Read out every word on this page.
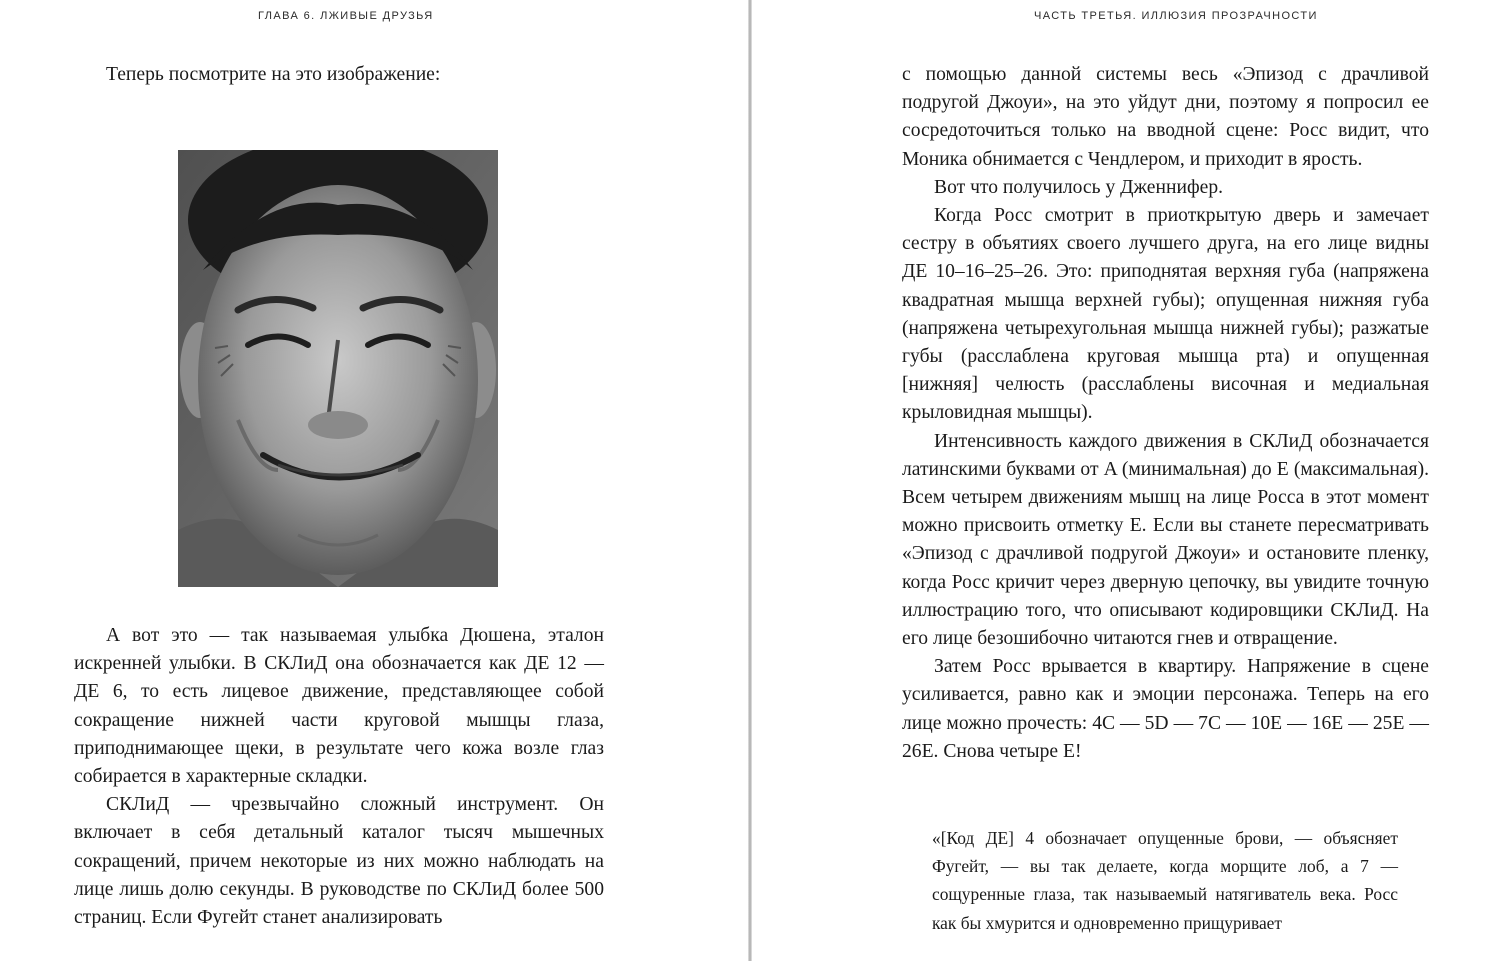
ГЛАВА 6. ЛЖИВЫЕ ДРУЗЬЯ

Теперь посмотрите на это изображение:

А вот это — так называемая улыбка Дюшена, эталон искренней улыбки. В СКЛиД она обозначается как ДЕ 12 — ДЕ 6, то есть лицевое движение, представляющее собой сокращение нижней части круговой мышцы глаза, приподнимающее щеки, в результате чего кожа возле глаз собирается в характерные складки.

СКЛиД — чрезвычайно сложный инструмент. Он включает в себя детальный каталог тысяч мышечных сокращений, причем некоторые из них можно наблюдать на лице лишь долю секунды. В руководстве по СКЛиД более 500 страниц. Если Фугейт станет анализировать

ЧАСТЬ ТРЕТЬЯ. ИЛЛЮЗИЯ ПРОЗРАЧНОСТИ

с помощью данной системы весь «Эпизод с драчливой подругой Джоуи», на это уйдут дни, поэтому я попросил ее сосредоточиться только на вводной сцене: Росс видит, что Моника обнимается с Чендлером, и приходит в ярость.

Вот что получилось у Дженнифер.

Когда Росс смотрит в приоткрытую дверь и замечает сестру в объятиях своего лучшего друга, на его лице видны ДЕ 10–16–25–26. Это: приподнятая верхняя губа (напряжена квадратная мышца верхней губы); опущенная нижняя губа (напряжена четырехугольная мышца нижней губы); разжатые губы (расслаблена круговая мышца рта) и опущенная [нижняя] челюсть (расслаблены височная и медиальная крыловидная мышцы).

Интенсивность каждого движения в СКЛиД обозначается латинскими буквами от A (минимальная) до E (максимальная). Всем четырем движениям мышц на лице Росса в этот момент можно присвоить отметку E. Если вы станете пересматривать «Эпизод с драчливой подругой Джоуи» и остановите пленку, когда Росс кричит через дверную цепочку, вы увидите точную иллюстрацию того, что описывают кодировщики СКЛиД. На его лице безошибочно читаются гнев и отвращение.

Затем Росс врывается в квартиру. Напряжение в сцене усиливается, равно как и эмоции персонажа. Теперь на его лице можно прочесть: 4C — 5D — 7C — 10E — 16E — 25E — 26E. Снова четыре E!

«[Код ДЕ] 4 обозначает опущенные брови, — объясняет Фугейт, — вы так делаете, когда морщите лоб, а 7 — сощуренные глаза, так называемый натягиватель века. Росс как бы хмурится и одновременно прищуривает
